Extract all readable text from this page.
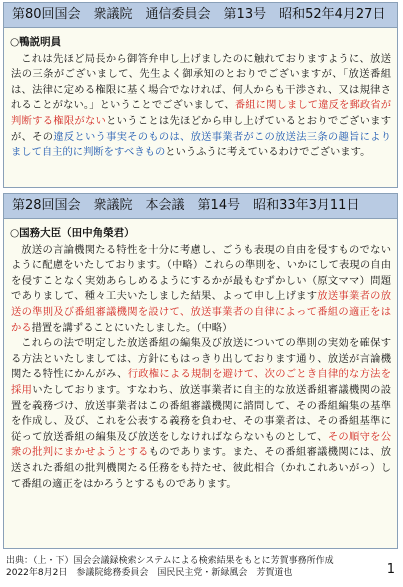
第80回国会　衆議院　通信委員会　第13号　昭和52年4月27日
○鴨説明員

これは先ほど局長から御答弁申し上げましたのに触れておりますように、放送法の三条がございまして、先生よく御承知のとおりでございますが、「放送番組は、法律に定める権限に基く場合でなければ、何人からも干渉され、又は規律されることがない。」ということでございまして、番組に関しまして違反を郵政省が判断する権限がないということは先ほどから申し上げているとおりでございますが、その違反という事実そのものは、放送事業者がこの放送法三条の趣旨によりまして自主的に判断をすべきものというふうに考えているわけでございます。

第28回国会　衆議院　本会議　第14号　昭和33年3月11日
○国務大臣（田中角榮君）

放送の言論機関たる特性を十分に考慮し、ごうも表現の自由を侵すものでないように配慮をいたしております。（中略）これらの準則を、いかにして表現の自由を侵すことなく実効あらしめるようにするかが最もむずかしい（原文ママ）問題でありまして、種々工夫いたしました結果、よって申し上げます放送事業者の放送の準則及び番組審議機関を設けて、放送事業者の自律によって番組の適正をはかる措置を講ずることにいたしました。（中略）

これらの法で明定した放送番組の編集及び放送についての準則の実効を確保する方法といたしましては、方針にもはっきり出しております通り、放送が言論機関たる特性にかんがみ、行政権による規制を避けて、次のごとき自律的な方法を採用いたしております。すなわち、放送事業者に自主的な放送番組審議機関の設置を義務づけ、放送事業者はこの番組審議機関に諮問して、その番組編集の基準を作成し、及び、これを公表する義務を負わせ、その事業者は、その番組基準に従って放送番組の編集及び放送をしなければならないものとして、その順守を公衆の批判にまかせようとするものであります。また、その番組審議機関には、放送された番組の批判機関たる任務をも持たせ、彼此相合（かれこれあいがっ）して番組の適正をはかろうとするものであります。

出典：（上・下）国会会議録検索システムによる検索結果をもとに芳賀事務所作成
2022年8月2日　参議院総務委員会　国民民主党・新緑風会　芳賀道也	1
